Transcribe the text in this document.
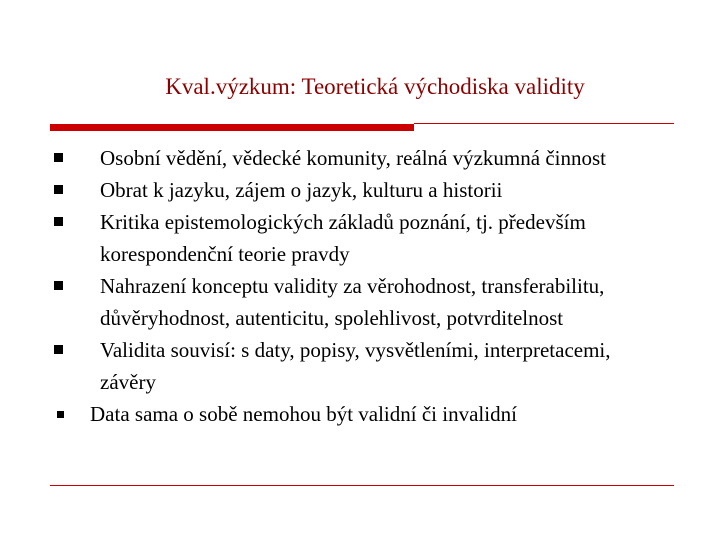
Kval.výzkum: Teoretická východiska validity
Osobní vědění, vědecké komunity, reálná výzkumná činnost
Obrat k jazyku, zájem o jazyk, kulturu a historii
Kritika epistemologických základů poznání, tj. především korespondenční teorie pravdy
Nahrazení konceptu validity za věrohodnost, transferabilitu, důvěryhodnost, autenticitu, spolehlivost, potvrditelnost
Validita souvisí: s daty, popisy, vysvětleními, interpretacemi, závěry
Data sama o sobě nemohou být validní či invalidní
